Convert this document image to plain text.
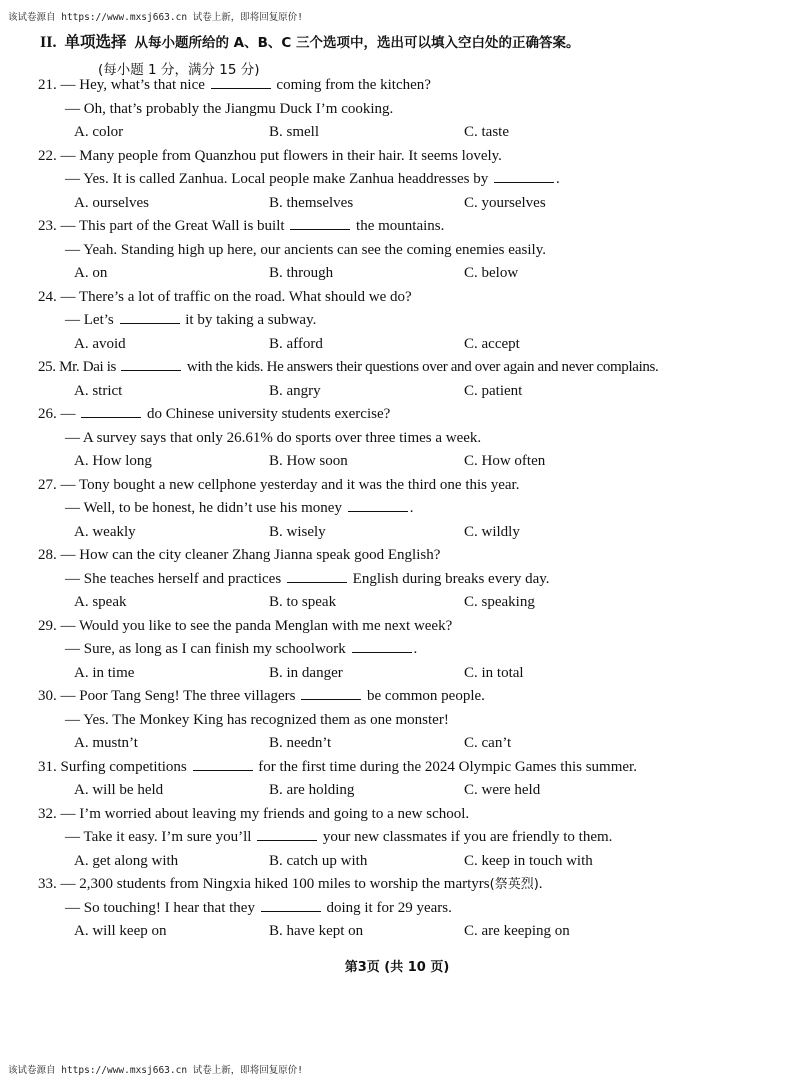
该试卷源自 https://www.mxsj663.cn 试卷上新，即将回复原价!
II. 单项选择 从每小题所给的 A、B、C 三个选项中，选出可以填入空白处的正确答案。
(每小题 1 分，满分 15 分)
21. — Hey, what’s that nice	coming from the kitchen?
— Oh, that’s probably the Jiangmu Duck I’m cooking.
A. color	B. smell	C. taste
22. — Many people from Quanzhou put flowers in their hair. It seems lovely.
— Yes. It is called Zanhua. Local people make Zanhua headdresses by	.
A. ourselves	B. themselves	C. yourselves
23. — This part of the Great Wall is built	the mountains.
— Yeah. Standing high up here, our ancients can see the coming enemies easily.
A. on	B. through	C. below
24. — There’s a lot of traffic on the road. What should we do?
— Let’s	it by taking a subway.
A. avoid	B. afford	C. accept
25. Mr. Dai is	with the kids. He answers their questions over and over again and never complains.
A. strict	B. angry	C. patient
26. —	do Chinese university students exercise?
— A survey says that only 26.61% do sports over three times a week.
A. How long	B. How soon	C. How often
27. — Tony bought a new cellphone yesterday and it was the third one this year.
— Well, to be honest, he didn’t use his money	.
A. weakly	B. wisely	C. wildly
28. — How can the city cleaner Zhang Jianna speak good English?
— She teaches herself and practices	English during breaks every day.
A. speak	B. to speak	C. speaking
29. — Would you like to see the panda Menglan with me next week?
— Sure, as long as I can finish my schoolwork	.
A. in time	B. in danger	C. in total
30. — Poor Tang Seng! The three villagers	be common people.
— Yes. The Monkey King has recognized them as one monster!
A. mustn’t	B. needn’t	C. can’t
31. Surfing competitions	for the first time during the 2024 Olympic Games this summer.
A. will be held	B. are holding	C. were held
32. — I’m worried about leaving my friends and going to a new school.
— Take it easy. I’m sure you’ll	your new classmates if you are friendly to them.
A. get along with	B. catch up with	C. keep in touch with
33. — 2,300 students from Ningxia hiked 100 miles to worship the martyrs(祭英烈).
— So touching! I hear that they	doing it for 29 years.
A. will keep on	B. have kept on	C. are keeping on
第3页 (共 10 页)
该试卷源自 https://www.mxsj663.cn 试卷上新，即将回复原价!
